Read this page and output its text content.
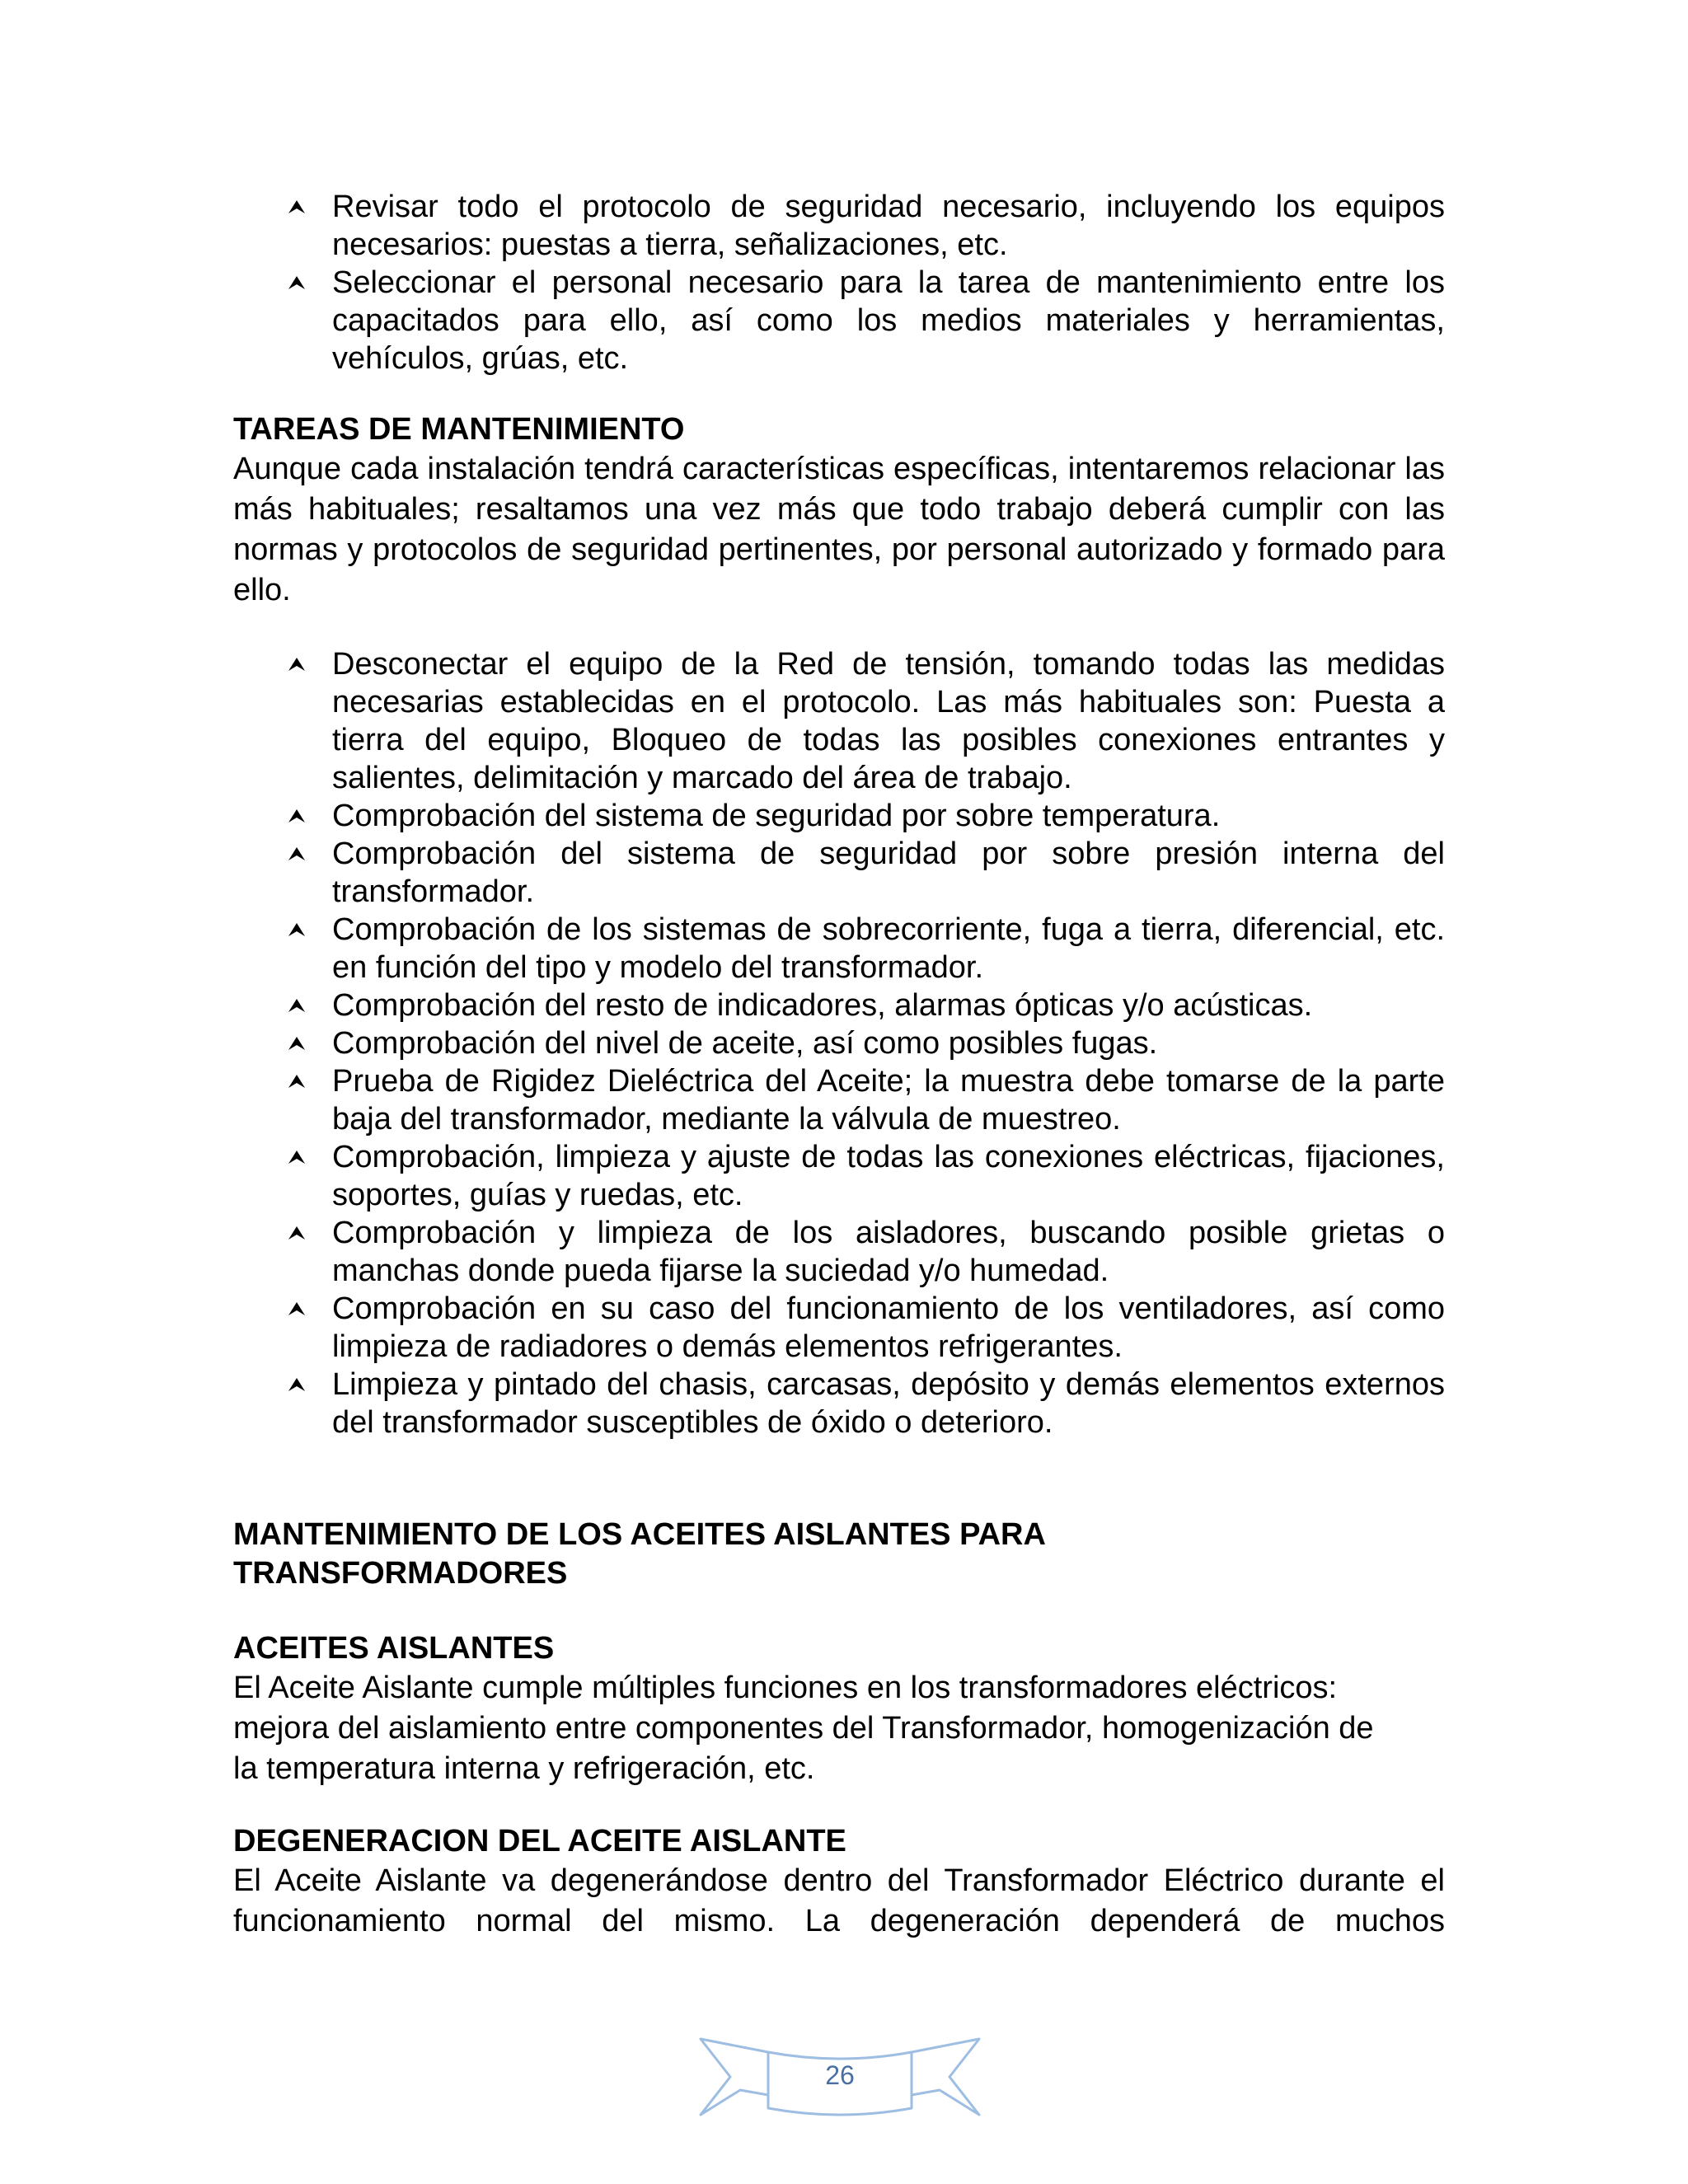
Revisar todo el protocolo de seguridad necesario, incluyendo los equipos necesarios: puestas a tierra, señalizaciones, etc.
Seleccionar el personal necesario para la tarea de mantenimiento entre los capacitados para ello, así como los medios materiales y herramientas, vehículos, grúas, etc.
TAREAS DE MANTENIMIENTO

Aunque cada instalación tendrá características específicas, intentaremos relacionar las más habituales; resaltamos una vez más que todo trabajo deberá cumplir con las normas y protocolos de seguridad pertinentes, por personal autorizado y formado para ello.

Desconectar el equipo de la Red de tensión, tomando todas las medidas necesarias establecidas en el protocolo. Las más habituales son: Puesta a tierra del equipo, Bloqueo de todas las posibles conexiones entrantes y salientes, delimitación y marcado del área de trabajo.
Comprobación del sistema de seguridad por sobre temperatura.
Comprobación del sistema de seguridad por sobre presión interna del transformador.
Comprobación de los sistemas de sobrecorriente, fuga a tierra, diferencial, etc. en función del tipo y modelo del transformador.
Comprobación del resto de indicadores, alarmas ópticas y/o acústicas.
Comprobación del nivel de aceite, así como posibles fugas.
Prueba de Rigidez Dieléctrica del Aceite; la muestra debe tomarse de la parte baja del transformador, mediante la válvula de muestreo.
Comprobación, limpieza y ajuste de todas las conexiones eléctricas, fijaciones, soportes, guías y ruedas, etc.
Comprobación y limpieza de los aisladores, buscando posible grietas o manchas donde pueda fijarse la suciedad y/o humedad.
Comprobación en su caso del funcionamiento de los ventiladores, así como limpieza de radiadores o demás elementos refrigerantes.
Limpieza y pintado del chasis, carcasas, depósito y demás elementos externos del transformador susceptibles de óxido o deterioro.
MANTENIMIENTO DE LOS ACEITES AISLANTES PARA
TRANSFORMADORES
ACEITES AISLANTES

El Aceite Aislante cumple múltiples funciones en los transformadores eléctricos:
mejora del aislamiento entre componentes del Transformador, homogenización de
la temperatura interna y refrigeración, etc.

DEGENERACION DEL ACEITE AISLANTE

El Aceite Aislante va degenerándose dentro del Transformador Eléctrico durante el funcionamiento normal del mismo. La degeneración dependerá de muchos

26
